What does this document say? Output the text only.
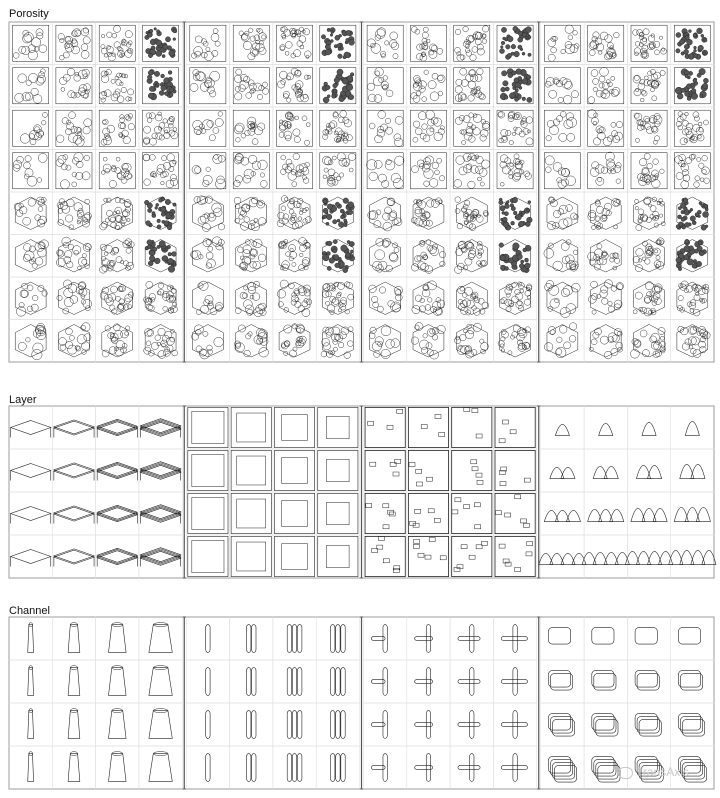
Porosity
Layer
Channel
TransAxis
